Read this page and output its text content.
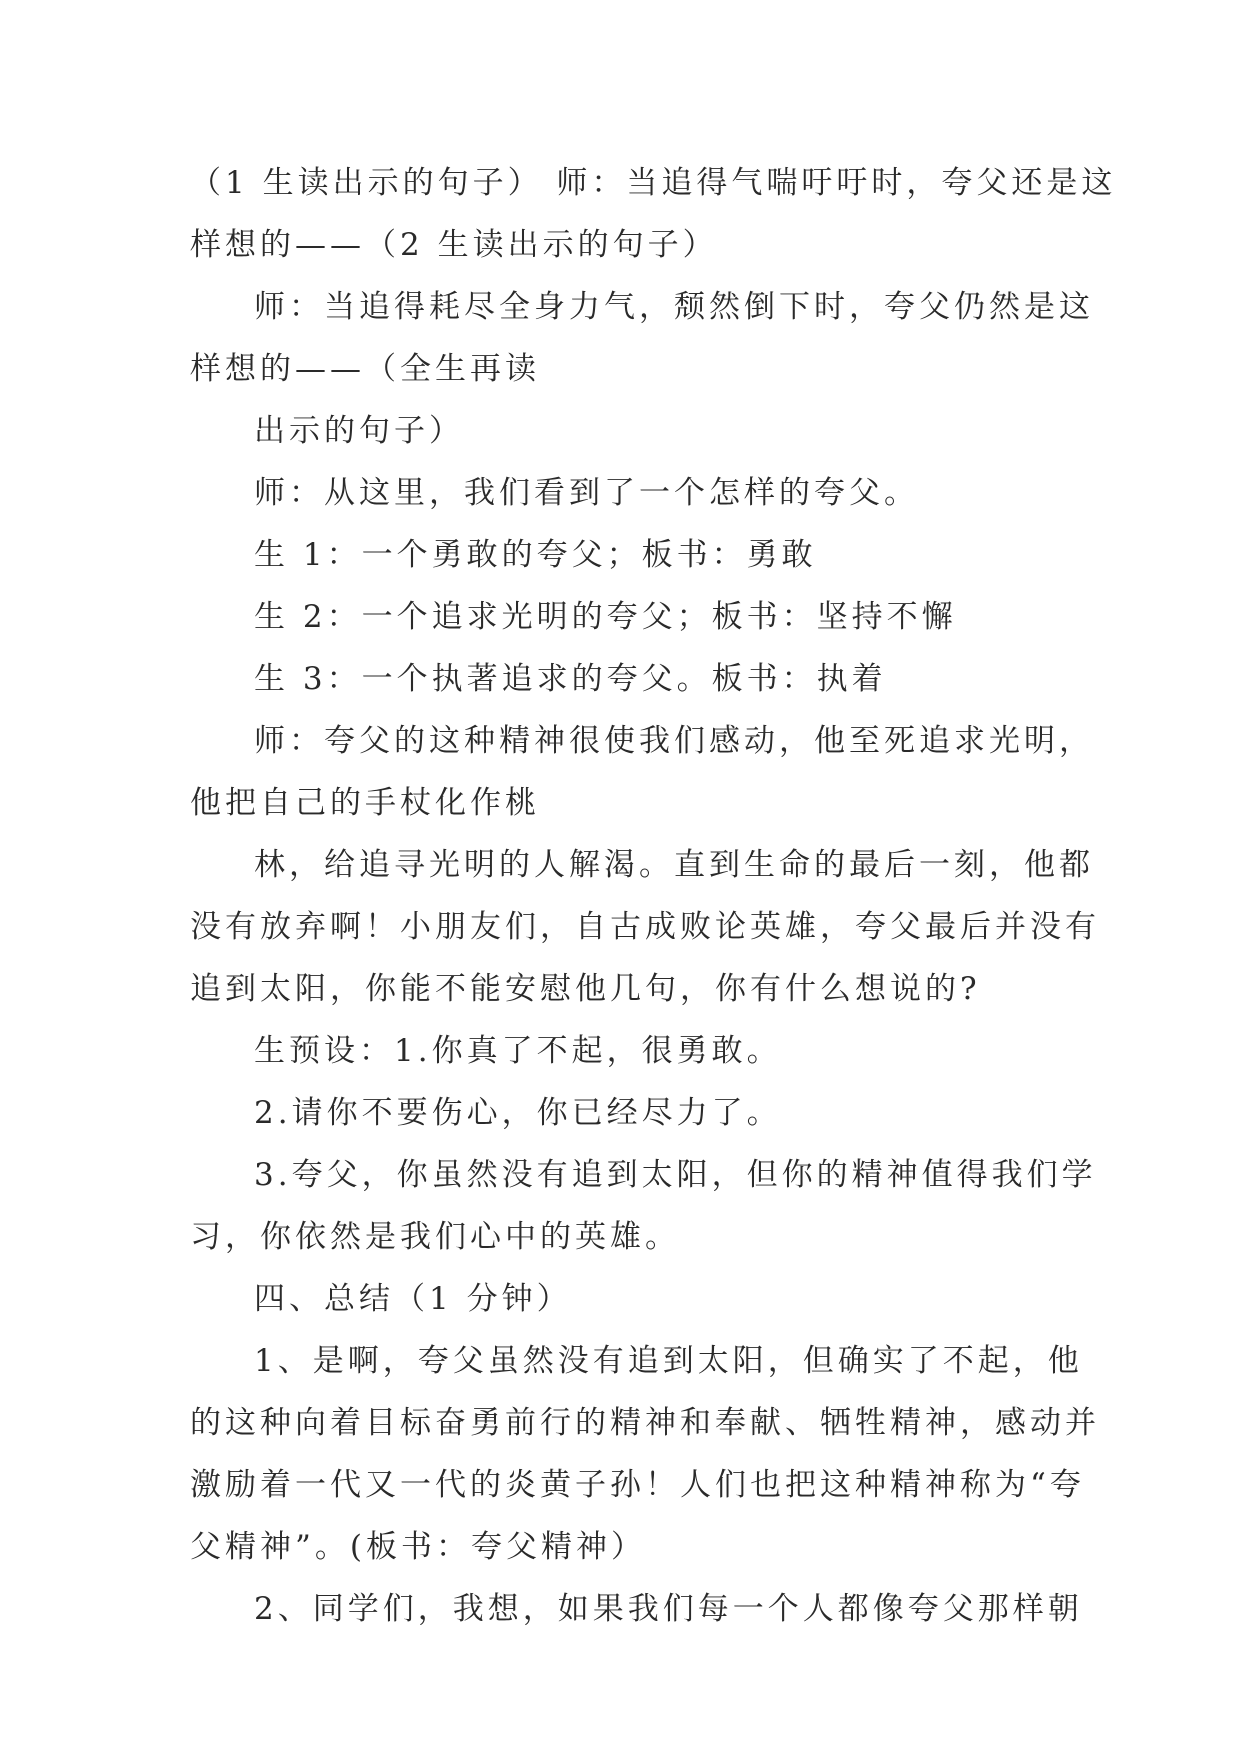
（1 生读出示的句子） 师：当追得气喘吁吁时，夸父还是这

样想的——（2 生读出示的句子）

师：当追得耗尽全身力气，颓然倒下时，夸父仍然是这

样想的——（全生再读

出示的句子）

师：从这里，我们看到了一个怎样的夸父。

生 1：一个勇敢的夸父；板书：勇敢

生 2：一个追求光明的夸父；板书：坚持不懈

生 3：一个执著追求的夸父。板书：执着

师：夸父的这种精神很使我们感动，他至死追求光明，

他把自己的手杖化作桃

林，给追寻光明的人解渴。直到生命的最后一刻，他都

没有放弃啊！小朋友们，自古成败论英雄，夸父最后并没有

追到太阳，你能不能安慰他几句，你有什么想说的?

生预设：1.你真了不起，很勇敢。

2.请你不要伤心，你已经尽力了。

3.夸父，你虽然没有追到太阳，但你的精神值得我们学

习，你依然是我们心中的英雄。

四、总结（1 分钟）

1、是啊，夸父虽然没有追到太阳，但确实了不起，他

的这种向着目标奋勇前行的精神和奉献、牺牲精神，感动并

激励着一代又一代的炎黄子孙！人们也把这种精神称为“夸

父精神”。(板书：夸父精神）

2、同学们，我想，如果我们每一个人都像夸父那样朝
